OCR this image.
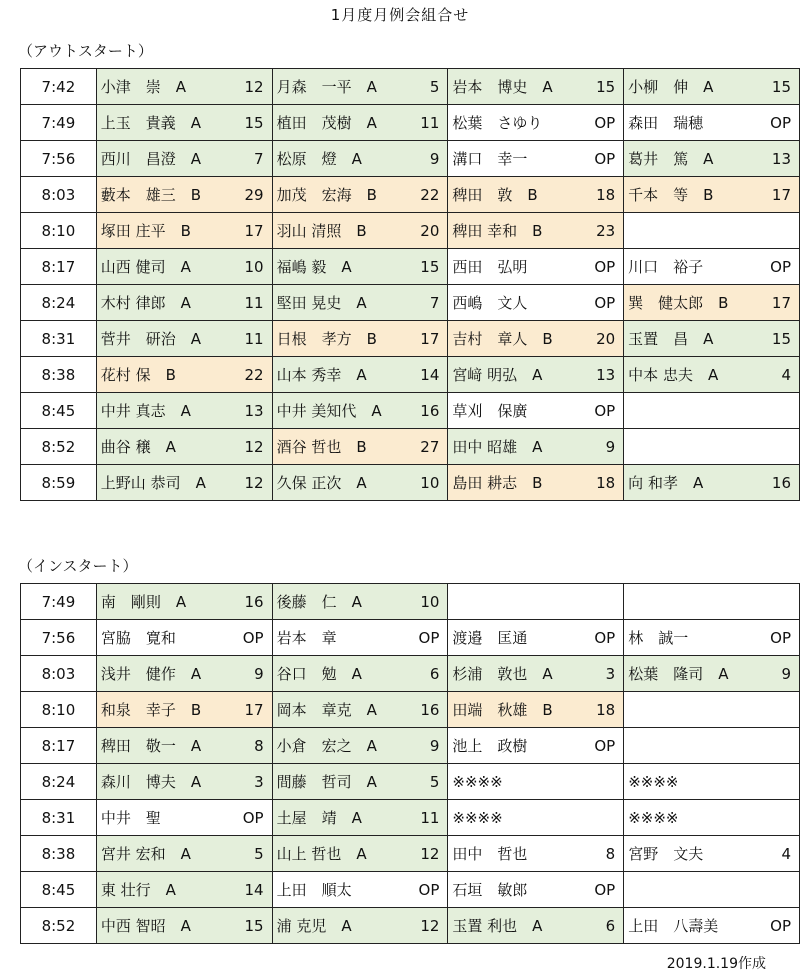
1月度月例会組合せ
（アウトスタート）
7:42	小津　崇　A 12	月森　一平　A 5	岩本　博史　A 15	小柳　伸　A 15

7:49	上玉　貴義　A 15	植田　茂樹　A 11	松葉　さゆり OP	森田　瑞穂 OP

7:56	西川　昌澄　A 7	松原　燈　A 9	溝口　幸一 OP	葛井　篤　A 13

8:03	藪本　雄三　B 29	加茂　宏海　B 22	稗田　敦　B 18	千本　等　B 17

8:10	塚田 庄平　B 17	羽山 清照　B 20	稗田 幸和　B 23	

8:17	山西 健司　A 10	福嶋 毅　A 15	西田　弘明 OP	川口　裕子 OP

8:24	木村 律郎　A 11	堅田 晃史　A 7	西嶋　文人 OP	巽　健太郎　B 17

8:31	菅井　研治　A 11	日根　孝方　B 17	吉村　章人　B 20	玉置　昌　A 15

8:38	花村 保　B 22	山本 秀幸　A 14	宮﨑 明弘　A 13	中本 忠夫　A 4

8:45	中井 真志　A 13	中井 美知代　A 16	草刈　保廣 OP	

8:52	曲谷 穣　A 12	酒谷 哲也　B 27	田中 昭雄　A 9	

8:59	上野山 恭司　A 12	久保 正次　A 10	島田 耕志　B 18	向 和孝　A 16
（インスタート）
7:49	南　剛則　A 16	後藤　仁　A 10		

7:56	宮脇　寛和 OP	岩本　章 OP	渡邉　匡通 OP	林　誠一 OP

8:03	浅井　健作　A 9	谷口　勉　A 6	杉浦　敦也　A 3	松葉　隆司　A 9

8:10	和泉　幸子　B 17	岡本　章克　A 16	田端　秋雄　B 18	

8:17	稗田　敬一　A 8	小倉　宏之　A 9	池上　政樹 OP	

8:24	森川　博夫　A 3	間藤　哲司　A 5	※※※※	※※※※

8:31	中井　聖 OP	土屋　靖　A 11	※※※※	※※※※

8:38	宮井 宏和　A 5	山上 哲也　A 12	田中　哲也 8	宮野　文夫 4

8:45	東 壮行　A 14	上田　順太 OP	石垣　敏郎 OP	

8:52	中西 智昭　A 15	浦 克児　A 12	玉置 利也　A 6	上田　八壽美 OP
2019.1.19作成
